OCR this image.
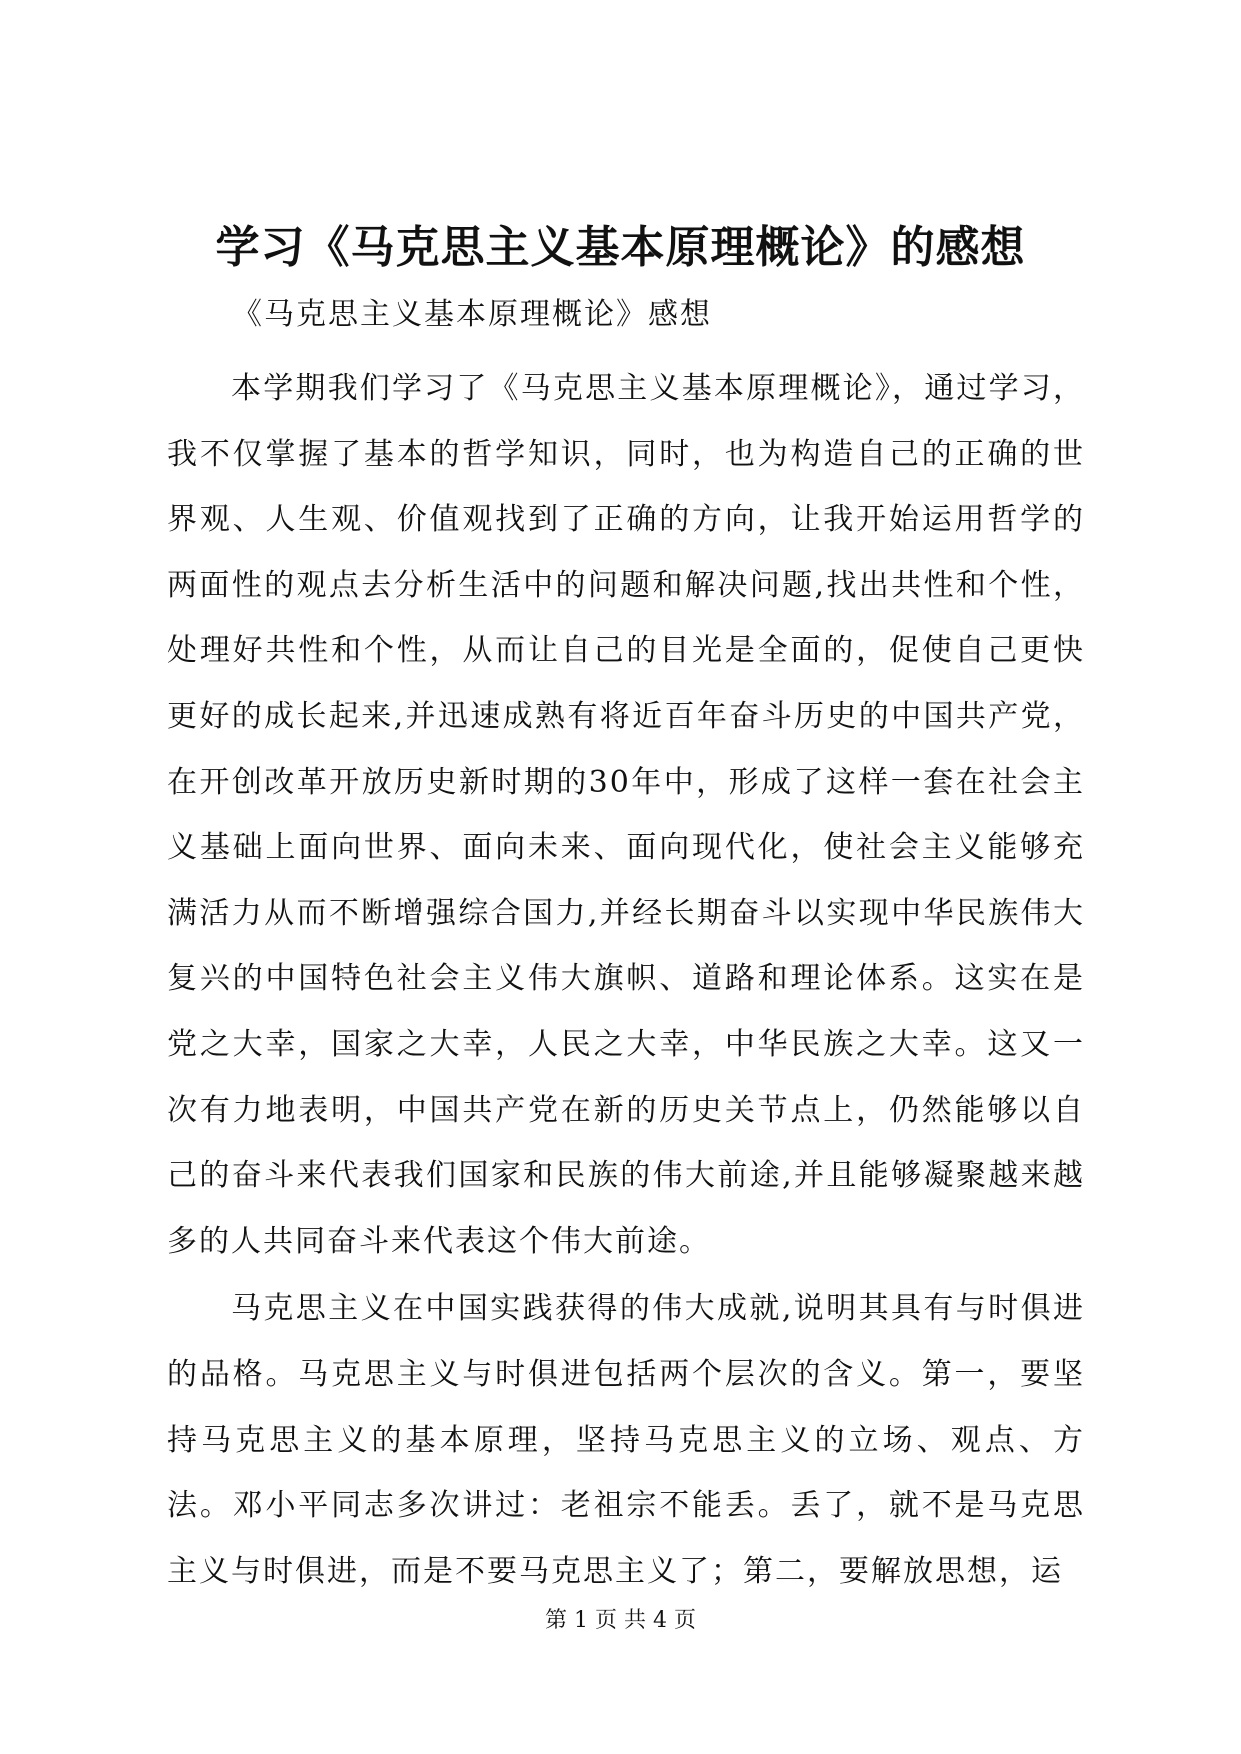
学习《马克思主义基本原理概论》的感想

《马克思主义基本原理概论》感想

本学期我们学习了《马克思主义基本原理概论》，通过学习，我不仅掌握了基本的哲学知识，同时，也为构造自己的正确的世界观、人生观、价值观找到了正确的方向，让我开始运用哲学的两面性的观点去分析生活中的问题和解决问题,找出共性和个性，处理好共性和个性，从而让自己的目光是全面的，促使自己更快更好的成长起来,并迅速成熟有将近百年奋斗历史的中国共产党，在开创改革开放历史新时期的30年中，形成了这样一套在社会主义基础上面向世界、面向未来、面向现代化，使社会主义能够充满活力从而不断增强综合国力,并经长期奋斗以实现中华民族伟大复兴的中国特色社会主义伟大旗帜、道路和理论体系。这实在是党之大幸，国家之大幸，人民之大幸，中华民族之大幸。这又一次有力地表明，中国共产党在新的历史关节点上，仍然能够以自己的奋斗来代表我们国家和民族的伟大前途,并且能够凝聚越来越多的人共同奋斗来代表这个伟大前途。

马克思主义在中国实践获得的伟大成就,说明其具有与时俱进的品格。马克思主义与时俱进包括两个层次的含义。第一，要坚持马克思主义的基本原理，坚持马克思主义的立场、观点、方法。邓小平同志多次讲过：老祖宗不能丢。丢了，就不是马克思主义与时俱进，而是不要马克思主义了；第二，要解放思想，运

第 1 页 共 4 页
